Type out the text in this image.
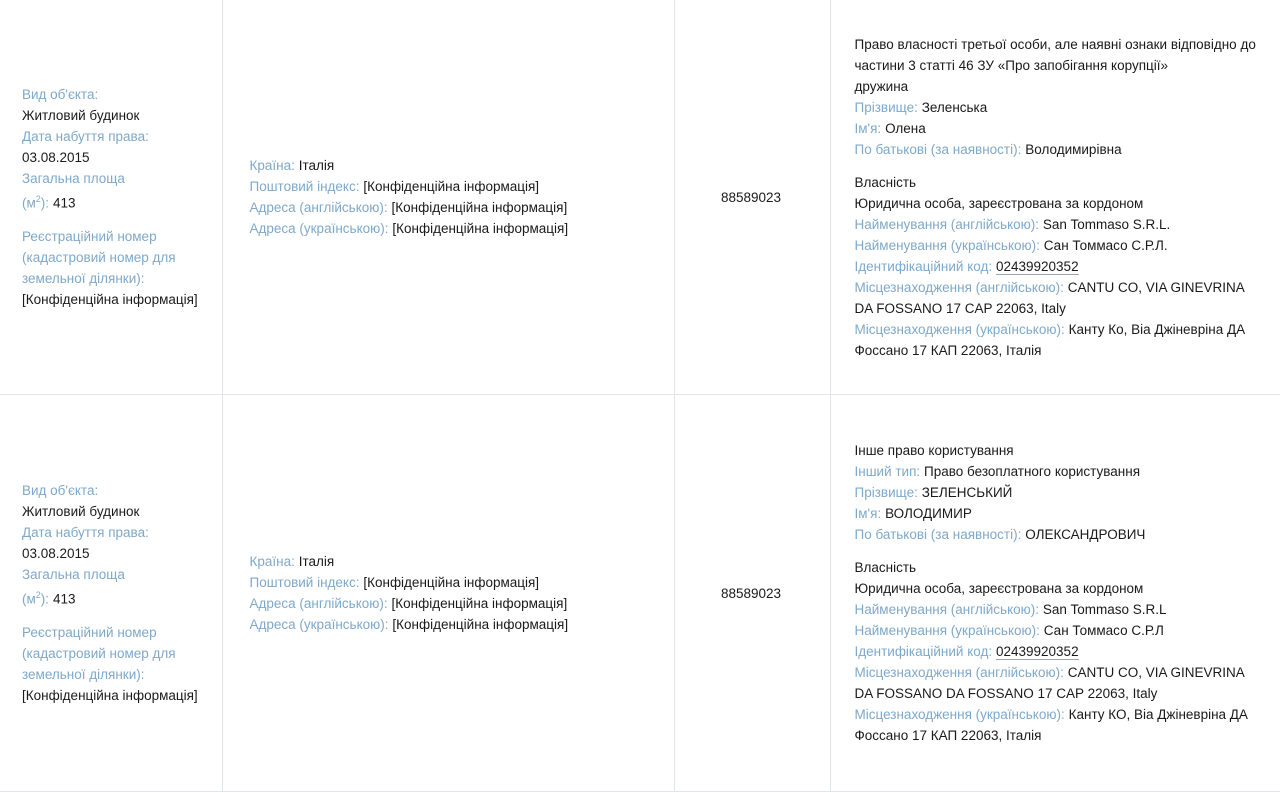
Вид об'єкта:
Житловий будинок
Дата набуття права:
03.08.2015
Загальна площа
$(м^2)$: 413
Реєстраційний номер (кадастровий номер для земельної ділянки):
[Конфіденційна інформація]

Країна: Італія
Поштовий індекс: [Конфіденційна інформація]
Адреса (англійською): [Конфіденційна інформація]
Адреса (українською): [Конфіденційна інформація]

88589023

Право власності третьої особи, але наявні ознаки відповідно до частини 3 статті 46 ЗУ «Про запобігання корупції»
дружина
Прізвище: Зеленська
Ім'я: Олена
По батькові (за наявності): Володимирівна
Власність
Юридична особа, зареєстрована за кордоном
Найменування (англійською): San Tommaso S.R.L.
Найменування (українською): Сан Томмасо С.Р.Л.
Ідентифікаційний код: 02439920352
Місцезнаходження (англійською): CANTU CO, VIA GINEVRINA DA FOSSANO 17 CAP 22063, Italy
Місцезнаходження (українською): Канту Ко, Віа Джіневріна ДА Фоссано 17 КАП 22063, Італія

Вид об'єкта:
Житловий будинок
Дата набуття права:
03.08.2015
Загальна площа
$(м^2)$: 413
Реєстраційний номер (кадастровий номер для земельної ділянки):
[Конфіденційна інформація]

Країна: Італія
Поштовий індекс: [Конфіденційна інформація]
Адреса (англійською): [Конфіденційна інформація]
Адреса (українською): [Конфіденційна інформація]

88589023

Інше право користування
Інший тип: Право безоплатного користування
Прізвище: ЗЕЛЕНСЬКИЙ
Ім'я: ВОЛОДИМИР
По батькові (за наявності): ОЛЕКСАНДРОВИЧ
Власність
Юридична особа, зареєстрована за кордоном
Найменування (англійською): San Tommaso S.R.L
Найменування (українською): Сан Томмасо С.Р.Л
Ідентифікаційний код: 02439920352
Місцезнаходження (англійською): CANTU CO, VIA GINEVRINA DA FOSSANO DA FOSSANO 17 CAP 22063, Italy
Місцезнаходження (українською): Канту КО, Віа Джіневріна ДА Фоссано 17 КАП 22063, Італія
